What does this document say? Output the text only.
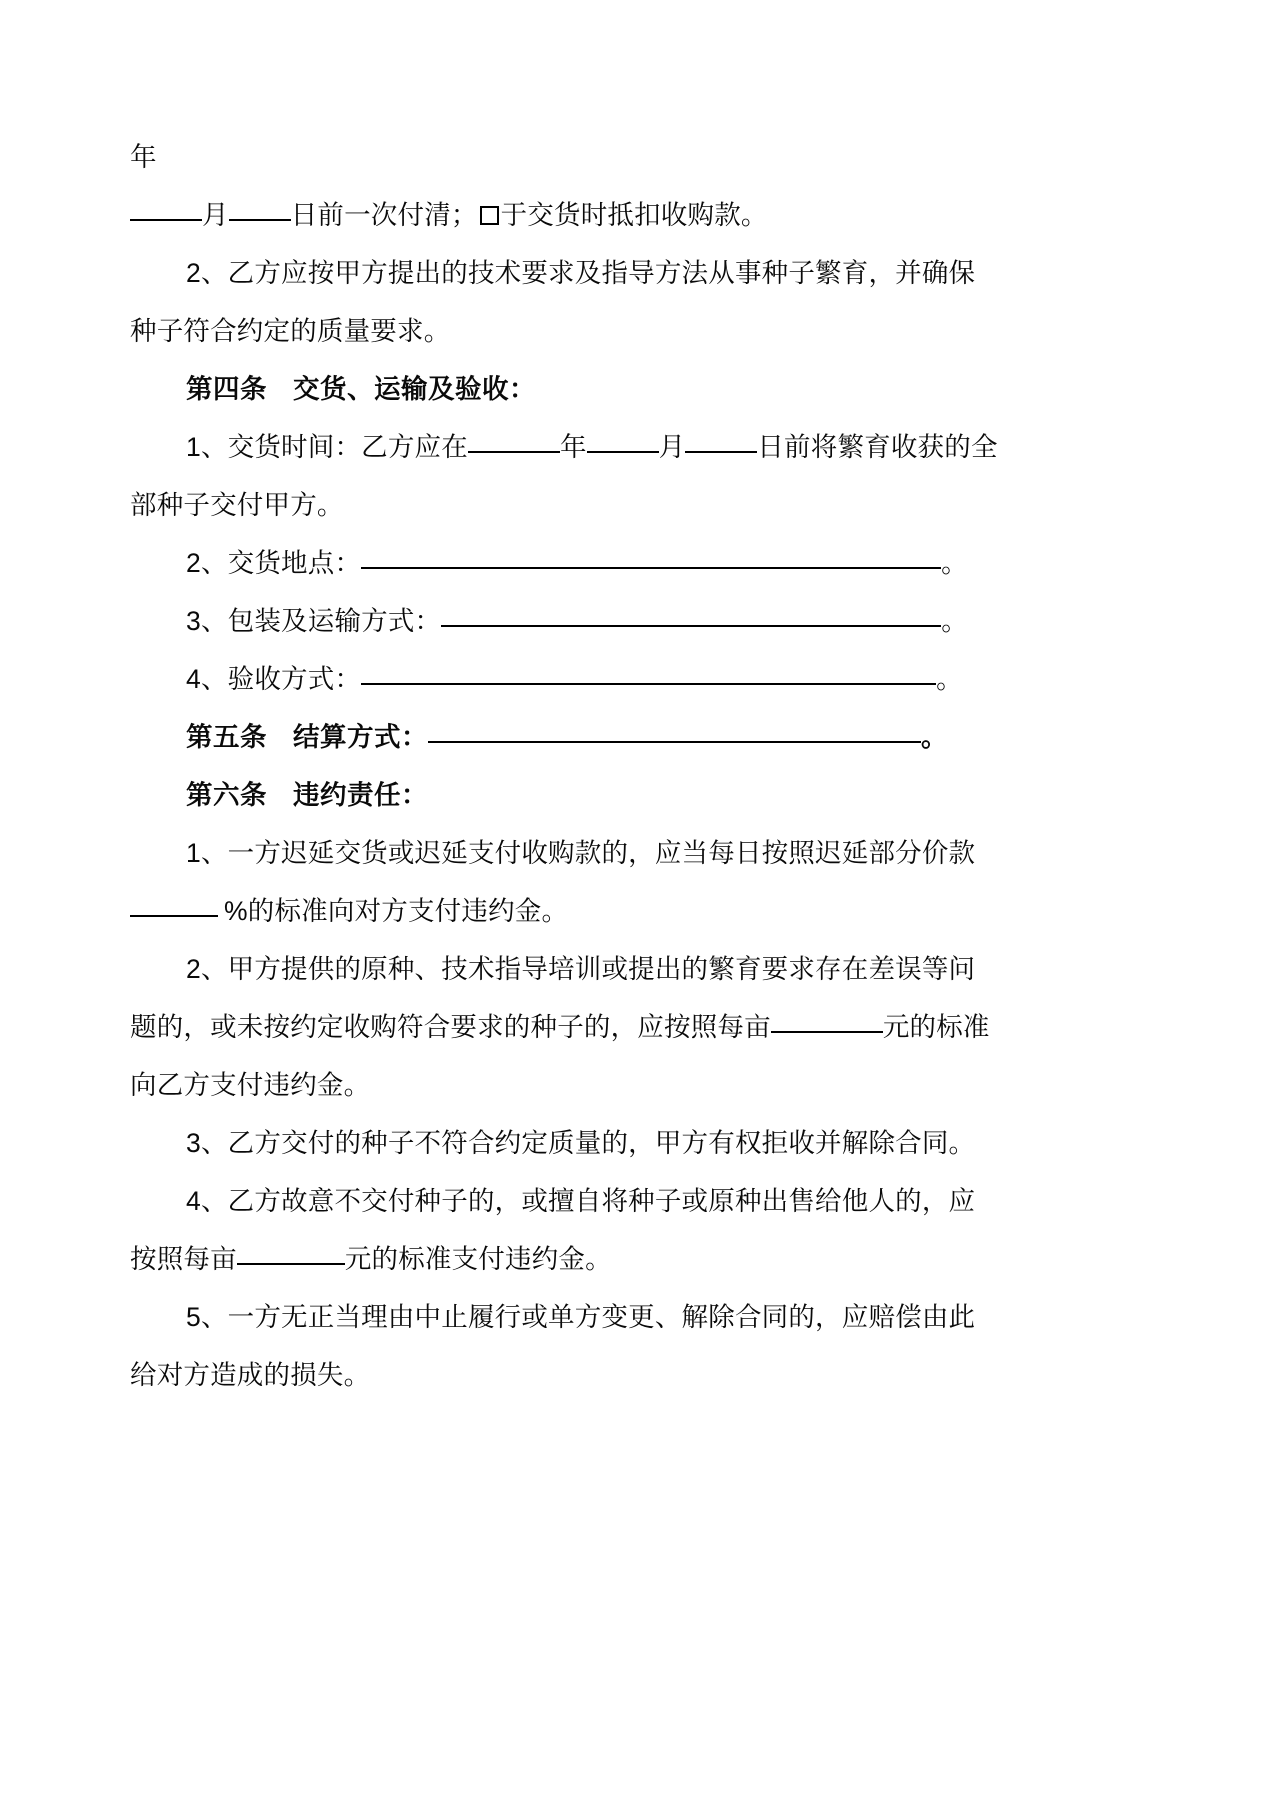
年

月 日前一次付清； 于交货时抵扣收购款。

2、乙方应按甲方提出的技术要求及指导方法从事种子繁育，并确保

种子符合约定的质量要求。

第四条 交货、运输及验收：

1、交货时间：乙方应在	年	月	日前将繁育收获的全

部种子交付甲方。

2、交货地点：	。

3、包装及运输方式：	。

4、验收方式：	。

第五条 结算方式：	。

第六条 违约责任：

1、一方迟延交货或迟延支付收购款的，应当每日按照迟延部分价款

%的标准向对方支付违约金。

2、甲方提供的原种、技术指导培训或提出的繁育要求存在差误等问

题的，或未按约定收购符合要求的种子的，应按照每亩	元的标准

向乙方支付违约金。

3、乙方交付的种子不符合约定质量的，甲方有权拒收并解除合同。

4、乙方故意不交付种子的，或擅自将种子或原种出售给他人的，应

按照每亩	元的标准支付违约金。

5、一方无正当理由中止履行或单方变更、解除合同的，应赔偿由此

给对方造成的损失。
